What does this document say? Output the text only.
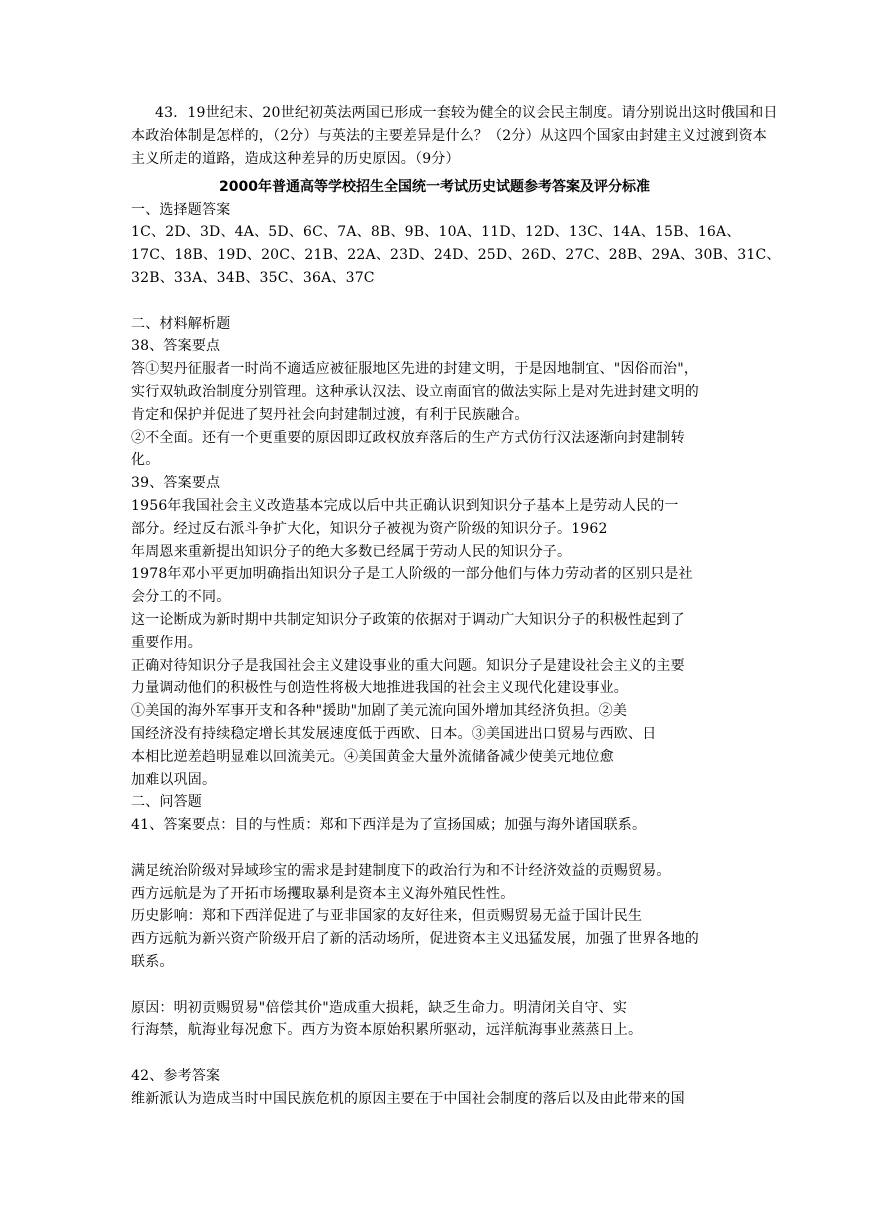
43．19世纪末、20世纪初英法两国已形成一套较为健全的议会民主制度。请分别说出这时俄国和日
本政治体制是怎样的，（2分）与英法的主要差异是什么？（2分）从这四个国家由封建主义过渡到资本
主义所走的道路，造成这种差异的历史原因。（9分）
2000年普通高等学校招生全国统一考试历史试题参考答案及评分标准
一、选择题答案
1C、2D、3D、4A、5D、6C、7A、8B、9B、10A、11D、12D、13C、14A、15B、16A、
17C、18B、19D、20C、21B、22A、23D、24D、25D、26D、27C、28B、29A、30B、31C、
32B、33A、34B、35C、36A、37C
二、材料解析题
38、答案要点
答①契丹征服者一时尚不適适应被征服地区先进的封建文明，于是因地制宜、"因俗而治"，
实行双轨政治制度分别管理。这种承认汉法、设立南面官的做法实际上是对先进封建文明的
肯定和保护并促进了契丹社会向封建制过渡，有利于民族融合。
②不全面。还有一个更重要的原因即辽政权放弃落后的生产方式仿行汉法逐渐向封建制转
化。
39、答案要点
1956年我国社会主义改造基本完成以后中共正确认识到知识分子基本上是劳动人民的一
部分。经过反右派斗争扩大化，知识分子被视为资产阶级的知识分子。1962
年周恩来重新提出知识分子的绝大多数已经属于劳动人民的知识分子。
1978年邓小平更加明确指出知识分子是工人阶级的一部分他们与体力劳动者的区别只是社
会分工的不同。
这一论断成为新时期中共制定知识分子政策的依据对于调动广大知识分子的积极性起到了
重要作用。
正确对待知识分子是我国社会主义建设事业的重大问题。知识分子是建设社会主义的主要
力量调动他们的积极性与创造性将极大地推进我国的社会主义现代化建设事业。
①美国的海外军事开支和各种"援助"加剧了美元流向国外增加其经济负担。②美
国经济没有持续稳定增长其发展速度低于西欧、日本。③美国进出口贸易与西欧、日
本相比逆差趋明显难以回流美元。④美国黄金大量外流储备减少使美元地位愈
加难以巩固。
二、问答题
41、答案要点：目的与性质：郑和下西洋是为了宣扬国威；加强与海外诸国联系。
满足统治阶级对异域珍宝的需求是封建制度下的政治行为和不计经济效益的贡赐贸易。
西方远航是为了开拓市场攫取暴利是资本主义海外殖民性性。
历史影响：郑和下西洋促进了与亚非国家的友好往来，但贡赐贸易无益于国计民生
西方远航为新兴资产阶级开启了新的活动场所，促进资本主义迅猛发展，加强了世界各地的
联系。
原因：明初贡赐贸易"倍偿其价"造成重大损耗，缺乏生命力。明清闭关自守、实
行海禁，航海业每况愈下。西方为资本原始积累所驱动，远洋航海事业蒸蒸日上。
42、参考答案
维新派认为造成当时中国民族危机的原因主要在于中国社会制度的落后以及由此带来的国
